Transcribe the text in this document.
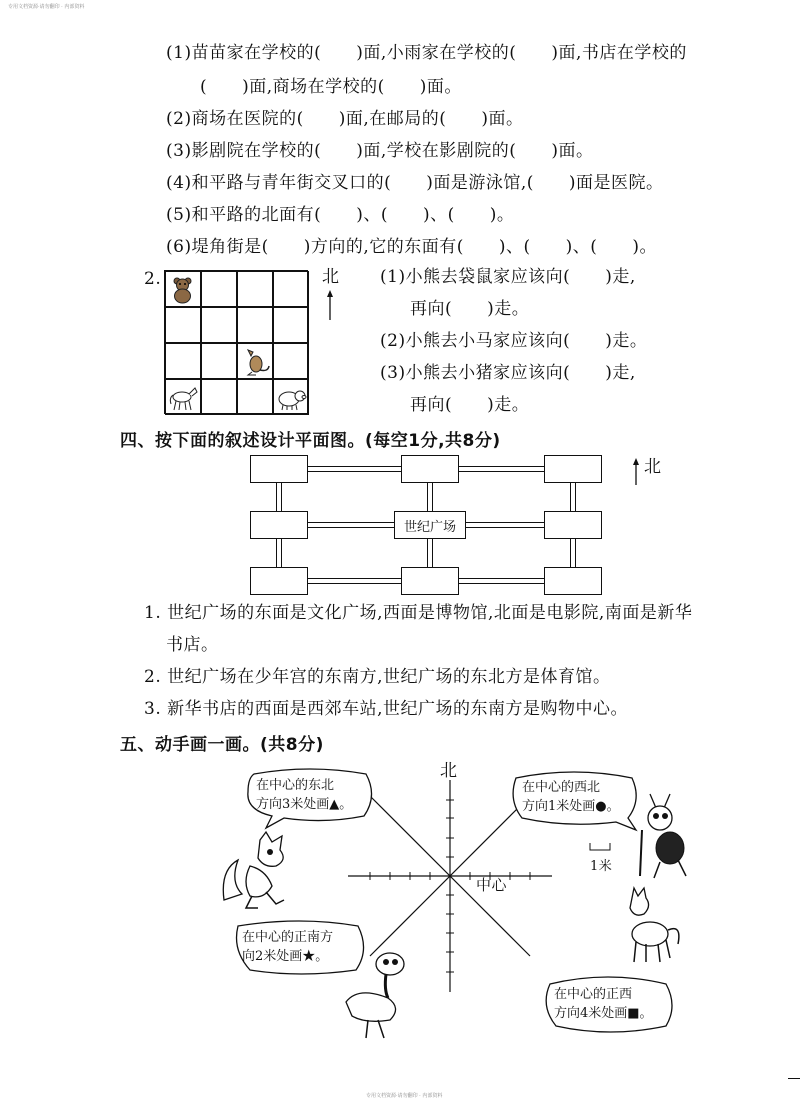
专用文档资源·请勿翻印 · 内部资料
(1)苗苗家在学校的(　　)面,小雨家在学校的(　　)面,书店在学校的
(　　)面,商场在学校的(　　)面。
(2)商场在医院的(　　)面,在邮局的(　　)面。
(3)影剧院在学校的(　　)面,学校在影剧院的(　　)面。
(4)和平路与青年街交叉口的(　　)面是游泳馆,(　　)面是医院。
(5)和平路的北面有(　　)、(　　)、(　　)。
(6)堤角街是(　　)方向的,它的东面有(　　)、(　　)、(　　)。
2.	北 (1)小熊去袋鼠家应该向(　　)走,
再向(　　)走。
(2)小熊去小马家应该向(　　)走。
(3)小熊去小猪家应该向(　　)走,
再向(　　)走。
四、按下面的叙述设计平面图。(每空1分,共8分)
世纪广场
北
1. 世纪广场的东面是文化广场,西面是博物馆,北面是电影院,南面是新华
书店。
2. 世纪广场在少年宫的东南方,世纪广场的东北方是体育馆。
3. 新华书店的西面是西郊车站,世纪广场的东南方是购物中心。
五、动手画一画。(共8分)
北
中心
1米
在中心的东北
方向3米处画▲。
在中心的西北
方向1米处画●。
在中心的正南方
向2米处画★。
在中心的正西
方向4米处画■。
专用文档资源·请勿翻印 · 内部资料
